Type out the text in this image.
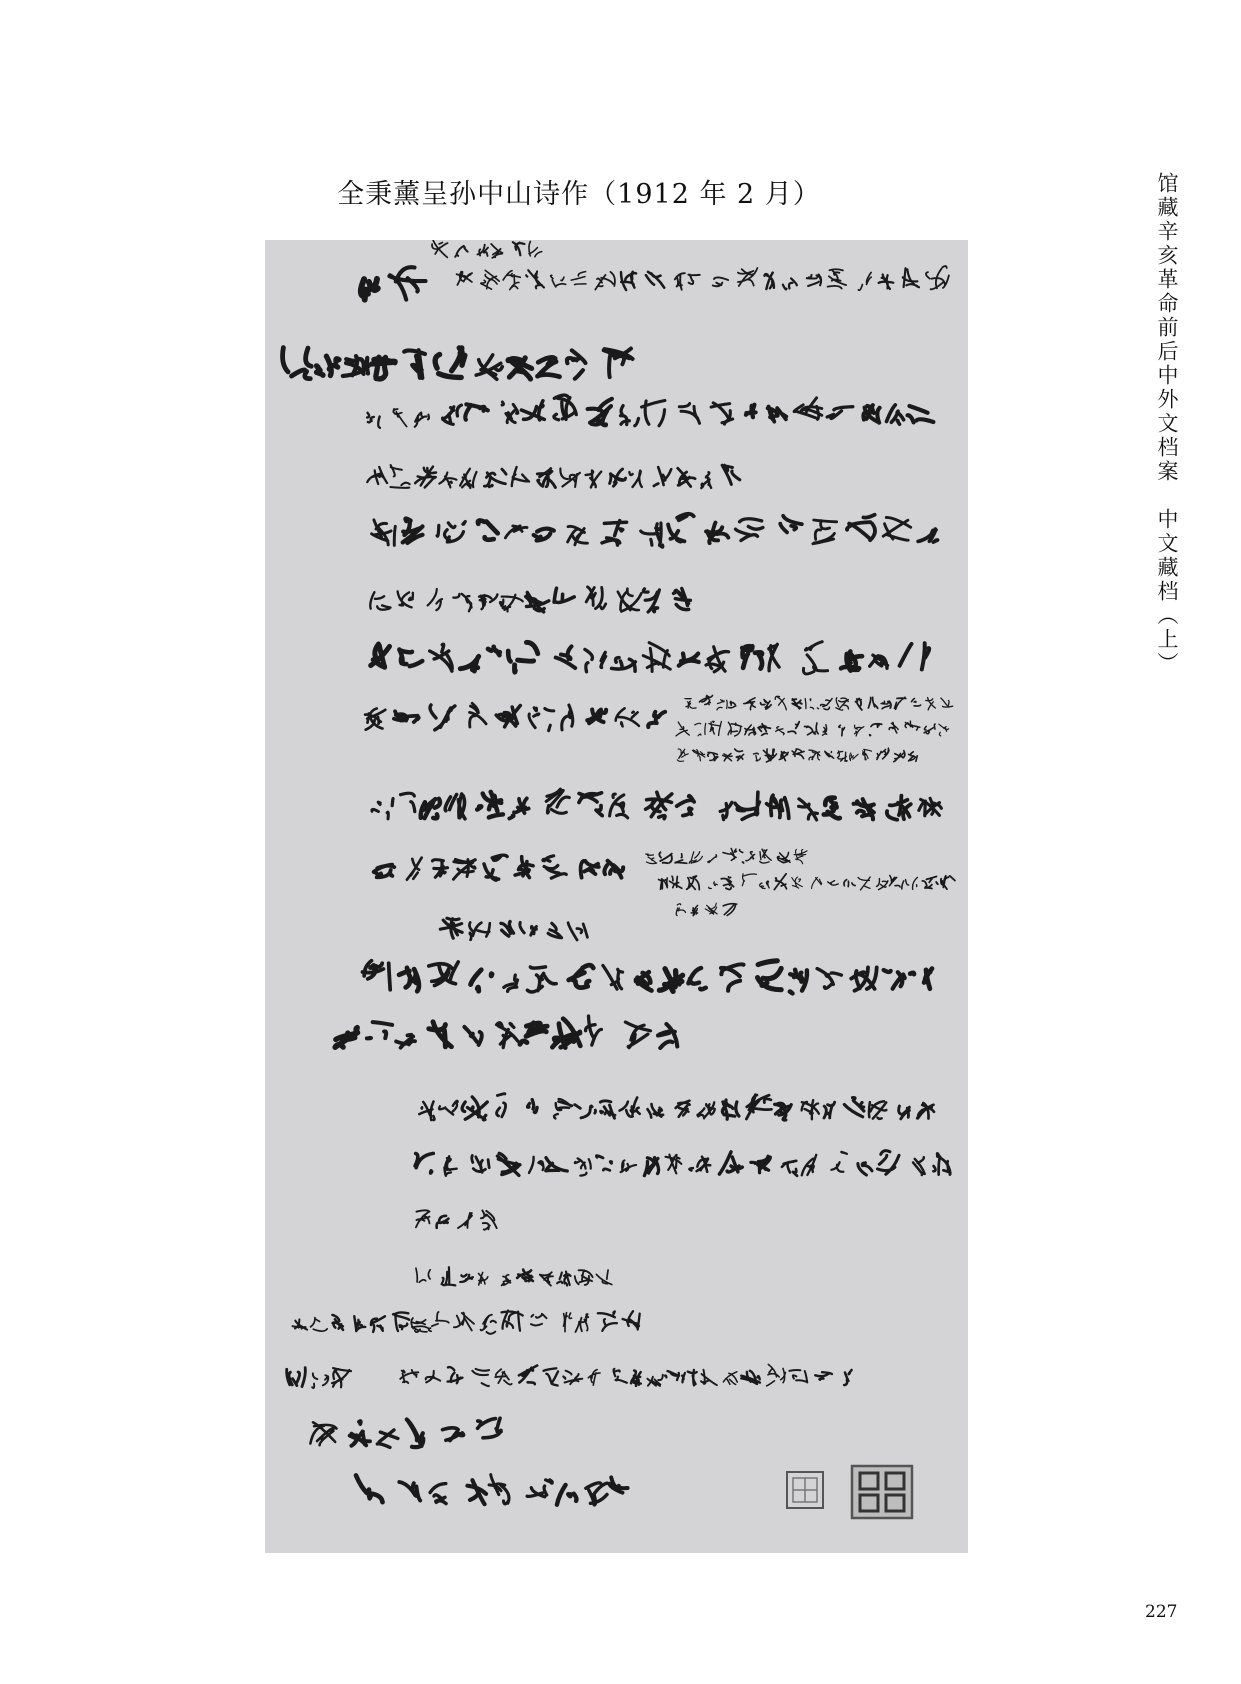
全秉薰呈孙中山诗作（1912 年 2 月）	馆藏辛亥革命前后中外文档案　中文藏档（上）
227
